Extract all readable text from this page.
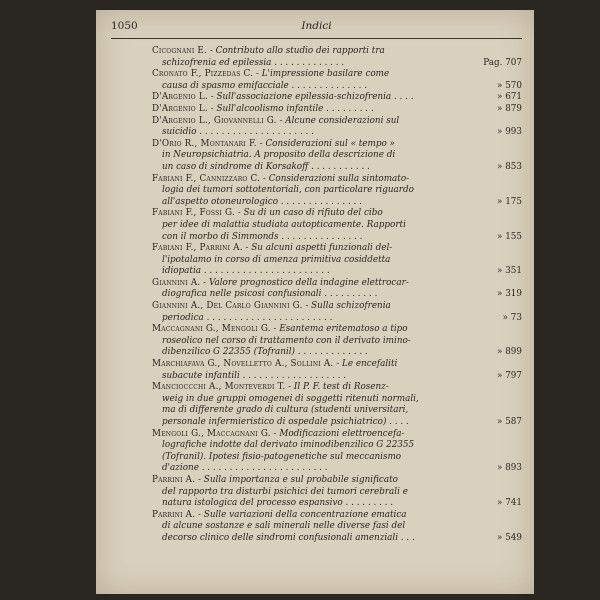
1050	Indici
Cicognani E. - Contributo allo studio dei rapporti tra
schizofrenia ed epilessia . . . . . . . . . . . . .	Pag. 707
Cronato F., Pizzedas C. - L'impressione basilare come
causa di spasmo emifacciale . . . . . . . . . . . . . .	» 570
D'Argenio L. - Sull'associazione epilessia-schizofrenia . . . .	» 671
D'Argenio L. - Sull'alcoolismo infantile . . . . . . . . .	» 879
D'Argenio L., Giovannelli G. - Alcune considerazioni sul
suicidio . . . . . . . . . . . . . . . . . . . . .	» 993
D'Orio R., Montanari F. - Considerazioni sul « tempo »
in Neuropsichiatria. A proposito della descrizione di
un caso di sindrome di Korsakoff . . . . . . . . . . .	» 853
Fabiani F., Cannizzaro C. - Considerazioni sulla sintomato-
logia dei tumori sottotentoriali, con particolare riguardo
all'aspetto otoneurologico . . . . . . . . . . . . . . .	» 175
Fabiani F., Fossi G. - Su di un caso di rifiuto del cibo
per idee di malattia studiata autopticamente. Rapporti
con il morbo di Simmonds . . . . . . . . . . . . . . .	» 155
Fabiani F., Parrini A. - Su alcuni aspetti funzionali del-
l'ipotalamo in corso di amenza primitiva cosiddetta
idiopatia . . . . . . . . . . . . . . . . . . . . . . .	» 351
Giannini A. - Valore prognostico della indagine elettrocar-
diografica nelle psicosi confusionali . . . . . . . . . .	» 319
Giannini A., Del Carlo Giannini G. - Sulla schizofrenia
periodica . . . . . . . . . . . . . . . . . . . . . . .	» 73
Maccagnani G., Mengoli G. - Esantema eritematoso a tipo
roseolico nel corso di trattamento con il derivato imino-
dibenzilico G 22355 (Tofranil) . . . . . . . . . . . . .	» 899
Marchiafava G., Novelletto A., Sollini A. - Le encefaliti
subacute infantili . . . . . . . . . . . . . . . . . . .	» 797
Mancioccchi A., Monteverdi T. - Il P. F. test di Rosenz-
weig in due gruppi omogenei di soggetti ritenuti normali,
ma di differente grado di cultura (studenti universitari,
personale infermieristico di ospedale psichiatrico) . . . .	» 587
Mengoli G., Maccagnani G. - Modificazioni elettroencefa-
lografiche indotte dal derivato iminodibenzilico G 22355
(Tofranil). Ipotesi fisio-patogenetiche sul meccanismo
d'azione . . . . . . . . . . . . . . . . . . . . . . .	» 893
Parrini A. - Sulla importanza e sul probabile significato
del rapporto tra disturbi psichici dei tumori cerebrali e
natura istologica del processo espansivo . . . . . . . . .	» 741
Parrini A. - Sulle variazioni della concentrazione ematica
di alcune sostanze e sali minerali nelle diverse fasi del
decorso clinico delle sindromi confusionali amenziali . . .	» 549
